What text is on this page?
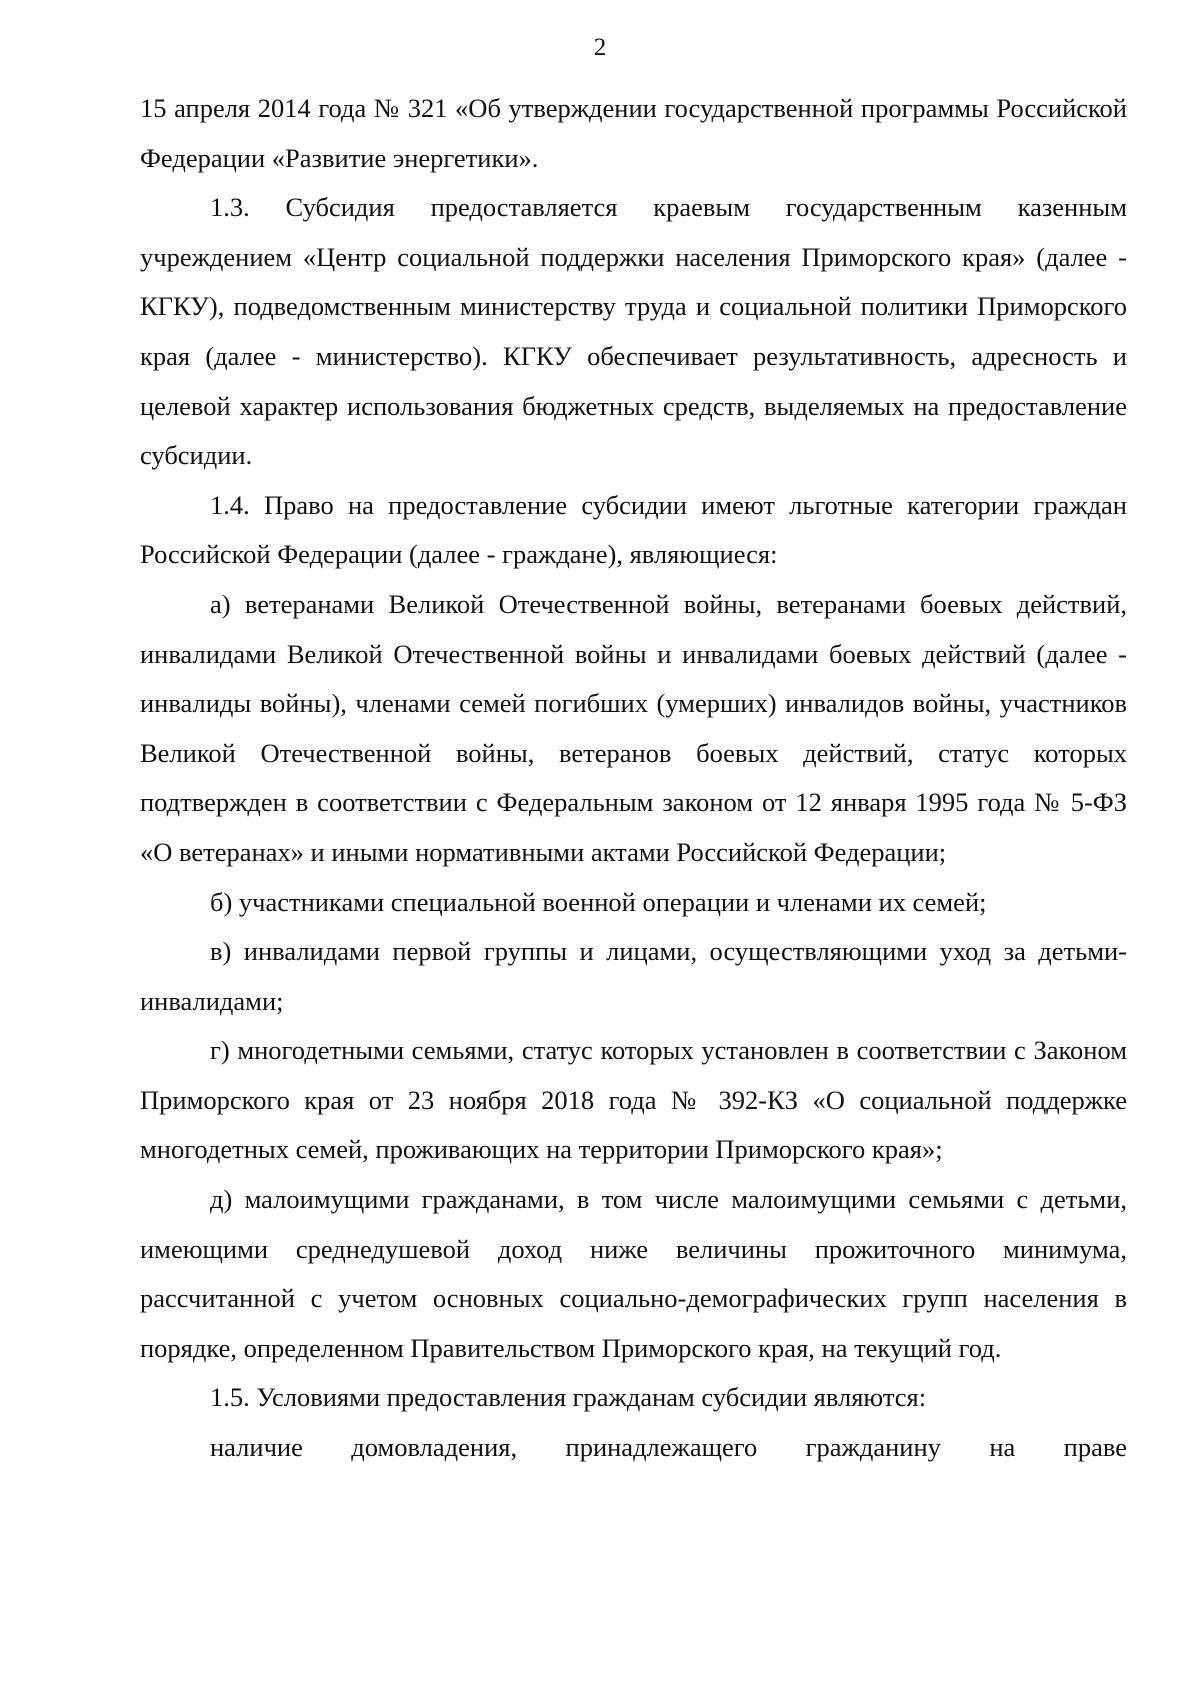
2

15 апреля 2014 года № 321 «Об утверждении государственной программы Российской Федерации «Развитие энергетики».

1.3. Субсидия предоставляется краевым государственным казенным учреждением «Центр социальной поддержки населения Приморского края» (далее - КГКУ), подведомственным министерству труда и социальной политики Приморского края (далее - министерство). КГКУ обеспечивает результативность, адресность и целевой характер использования бюджетных средств, выделяемых на предоставление субсидии.

1.4. Право на предоставление субсидии имеют льготные категории граждан Российской Федерации (далее - граждане), являющиеся:

а) ветеранами Великой Отечественной войны, ветеранами боевых действий, инвалидами Великой Отечественной войны и инвалидами боевых действий (далее - инвалиды войны), членами семей погибших (умерших) инвалидов войны, участников Великой Отечественной войны, ветеранов боевых действий, статус которых подтвержден в соответствии с Федеральным законом от 12 января 1995 года № 5-ФЗ «О ветеранах» и иными нормативными актами Российской Федерации;

б) участниками специальной военной операции и членами их семей;

в) инвалидами первой группы и лицами, осуществляющими уход за детьми-инвалидами;

г) многодетными семьями, статус которых установлен в соответствии с Законом Приморского края от 23 ноября 2018 года № 392-КЗ «О социальной поддержке многодетных семей, проживающих на территории Приморского края»;

д) малоимущими гражданами, в том числе малоимущими семьями с детьми, имеющими среднедушевой доход ниже величины прожиточного минимума, рассчитанной с учетом основных социально-демографических групп населения в порядке, определенном Правительством Приморского края, на текущий год.

1.5. Условиями предоставления гражданам субсидии являются:

наличие домовладения, принадлежащего гражданину на праве
